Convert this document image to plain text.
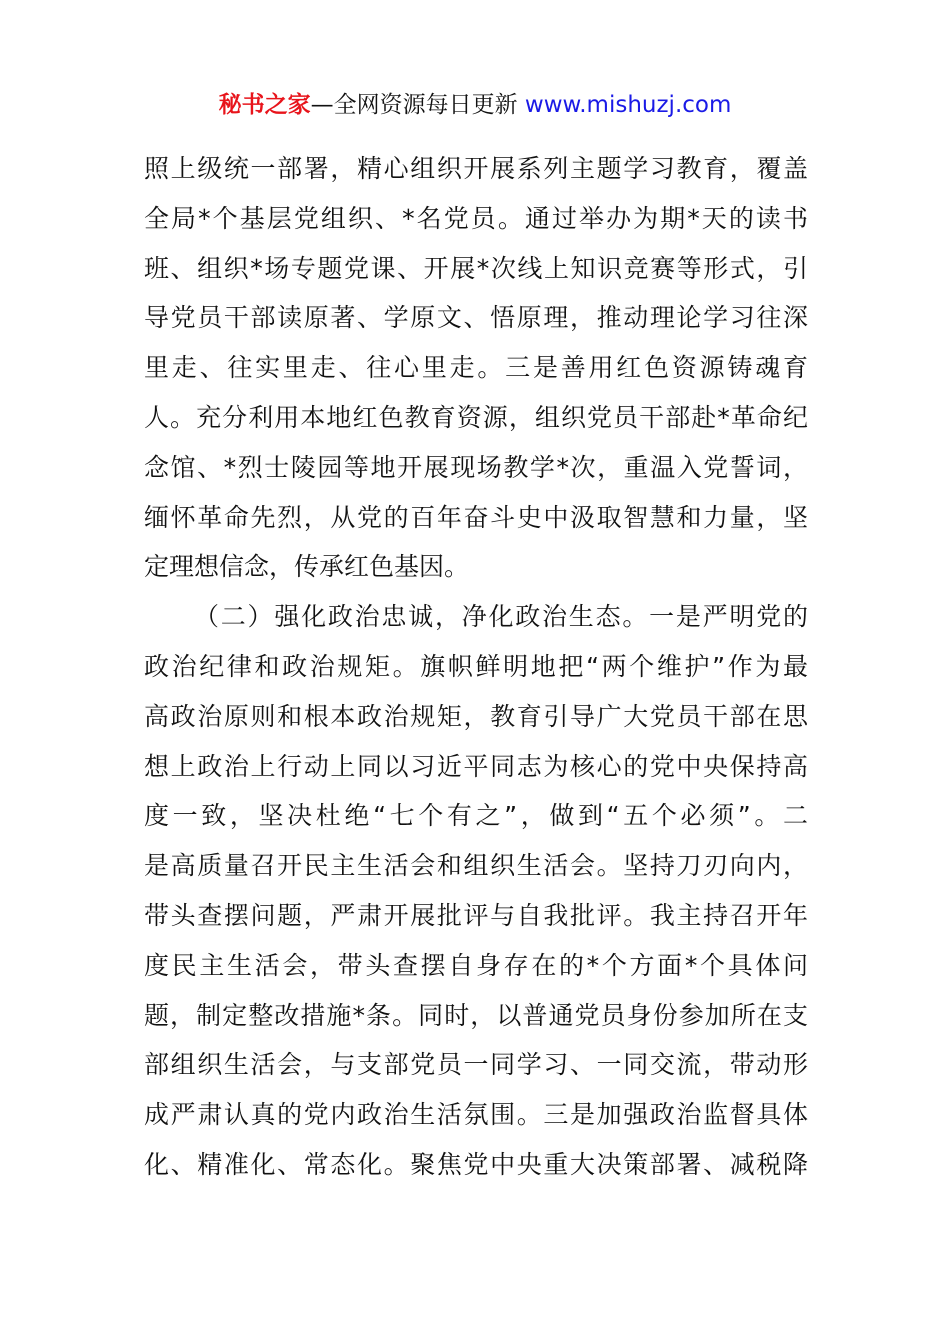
秘书之家—全网资源每日更新 www.mishuzj.com
照上级统一部署，精心组织开展系列主题学习教育，覆盖
全局*个基层党组织、*名党员。通过举办为期*天的读书
班、组织*场专题党课、开展*次线上知识竞赛等形式，引
导党员干部读原著、学原文、悟原理，推动理论学习往深
里走、往实里走、往心里走。三是善用红色资源铸魂育
人。充分利用本地红色教育资源，组织党员干部赴*革命纪
念馆、*烈士陵园等地开展现场教学*次，重温入党誓词，
缅怀革命先烈，从党的百年奋斗史中汲取智慧和力量，坚
定理想信念，传承红色基因。
（二）强化政治忠诚，净化政治生态。一是严明党的
政治纪律和政治规矩。旗帜鲜明地把“两个维护”作为最
高政治原则和根本政治规矩，教育引导广大党员干部在思
想上政治上行动上同以习近平同志为核心的党中央保持高
度一致，坚决杜绝“七个有之”，做到“五个必须”。二
是高质量召开民主生活会和组织生活会。坚持刀刃向内，
带头查摆问题，严肃开展批评与自我批评。我主持召开年
度民主生活会，带头查摆自身存在的*个方面*个具体问
题，制定整改措施*条。同时，以普通党员身份参加所在支
部组织生活会，与支部党员一同学习、一同交流，带动形
成严肃认真的党内政治生活氛围。三是加强政治监督具体
化、精准化、常态化。聚焦党中央重大决策部署、减税降
